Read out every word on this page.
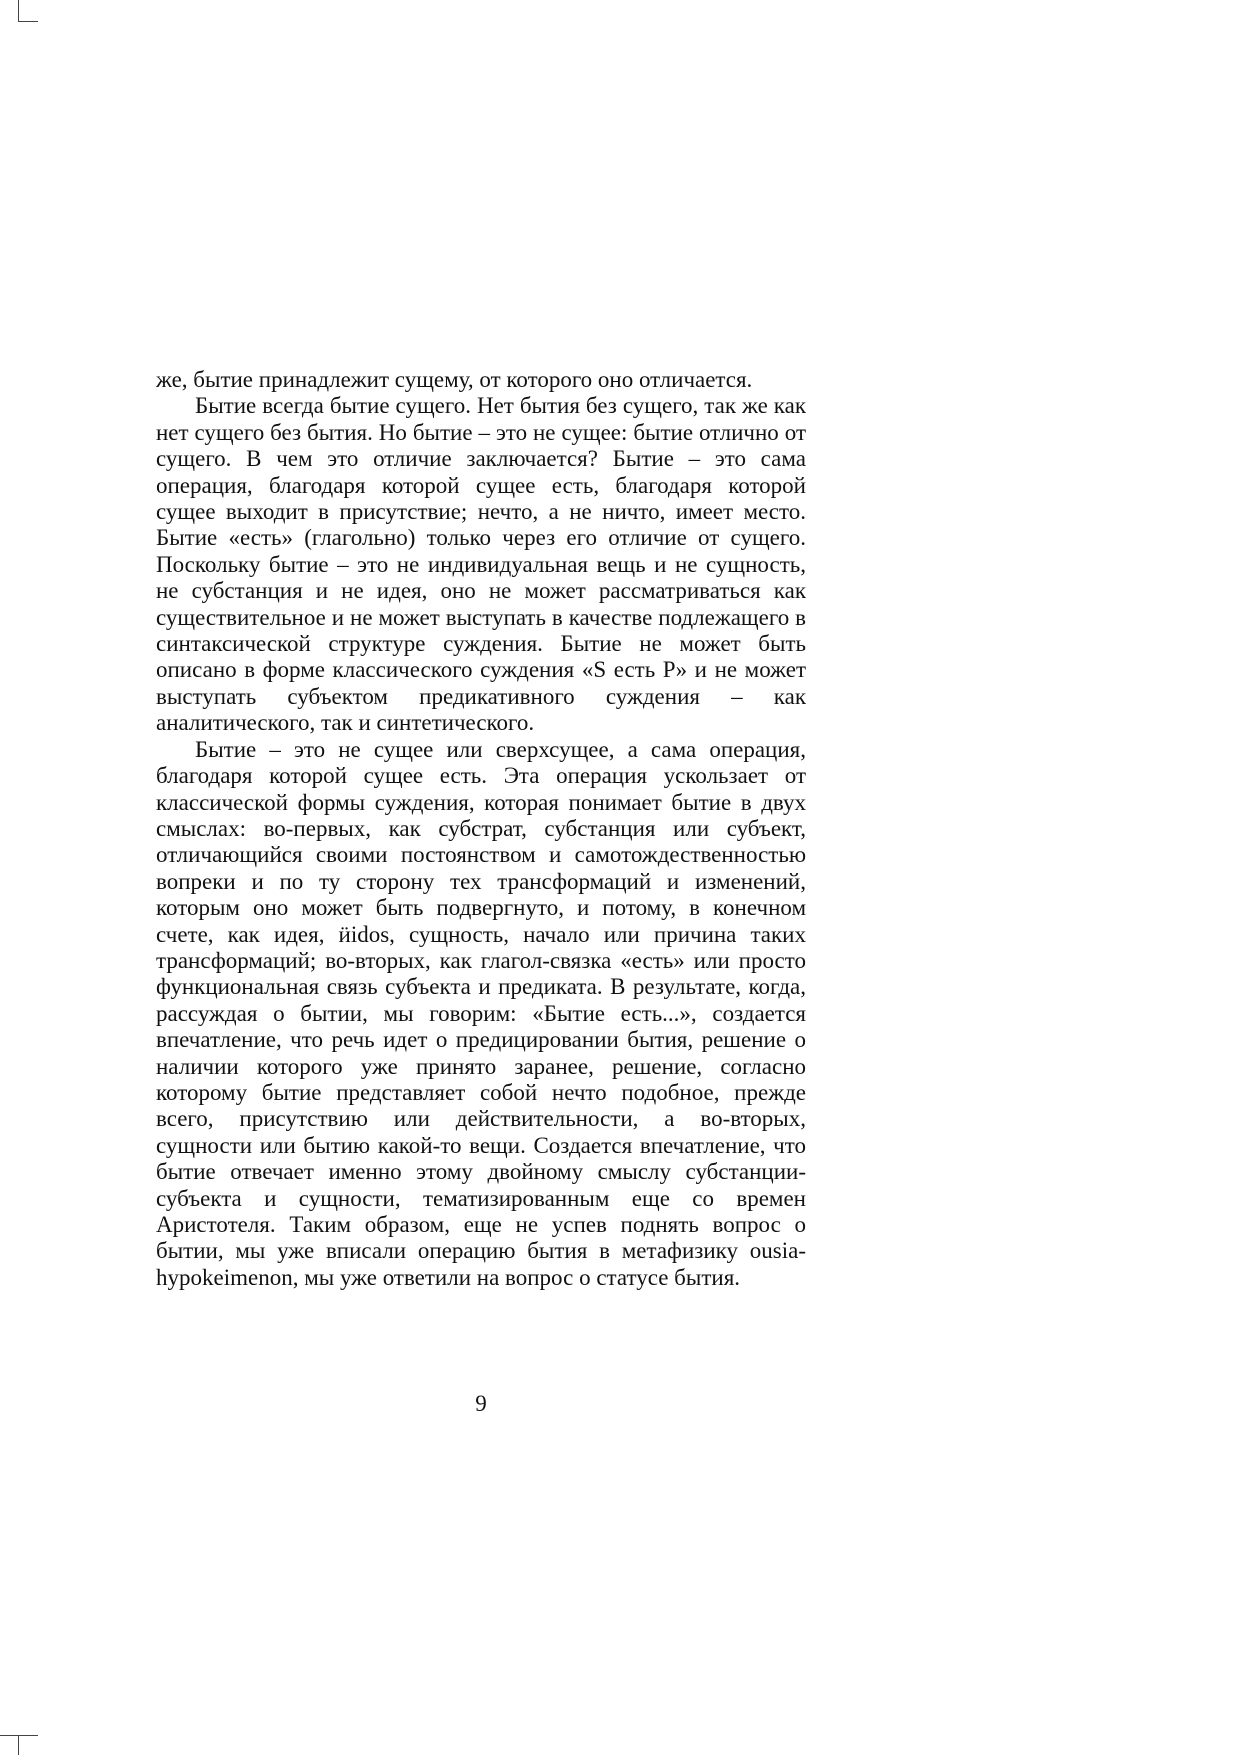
же, бытие принадлежит сущему, от которого оно отличается.

Бытие всегда бытие сущего. Нет бытия без сущего, так же как нет сущего без бытия. Но бытие – это не сущее: бытие отлично от сущего. В чем это отличие заключается? Бытие – это сама операция, благодаря которой сущее есть, благодаря которой сущее выходит в присутствие; нечто, а не ничто, имеет место. Бытие «есть» (глагольно) только через его отличие от сущего. Поскольку бытие – это не индивидуальная вещь и не сущность, не субстанция и не идея, оно не может рассматриваться как существительное и не может выступать в качестве подлежащего в синтаксической структуре суждения. Бытие не может быть описано в форме классического суждения «S есть P» и не может выступать субъектом предикативного суждения – как аналитического, так и синтетического.

Бытие – это не сущее или сверхсущее, а сама операция, благодаря которой сущее есть. Эта операция ускользает от классической формы суждения, которая понимает бытие в двух смыслах: во-первых, как субстрат, субстанция или субъект, отличающийся своими постоянством и самотождественностью вопреки и по ту сторону тех трансформаций и изменений, которым оно может быть подвергнуто, и потому, в конечном счете, как идея, ӥidos, сущность, начало или причина таких трансформаций; во-вторых, как глагол-связка «есть» или просто функциональная связь субъекта и предиката. В результате, когда, рассуждая о бытии, мы говорим: «Бытие есть...», создается впечатление, что речь идет о предицировании бытия, решение о наличии которого уже принято заранее, решение, согласно которому бытие представляет собой нечто подобное, прежде всего, присутствию или действительности, а во-вторых, сущности или бытию какой-то вещи. Создается впечатление, что бытие отвечает именно этому двойному смыслу субстанции-субъекта и сущности, тематизированным еще со времен Аристотеля. Таким образом, еще не успев поднять вопрос о бытии, мы уже вписали операцию бытия в метафизику ousia-hypokeimenon, мы уже ответили на вопрос о статусе бытия.

9
